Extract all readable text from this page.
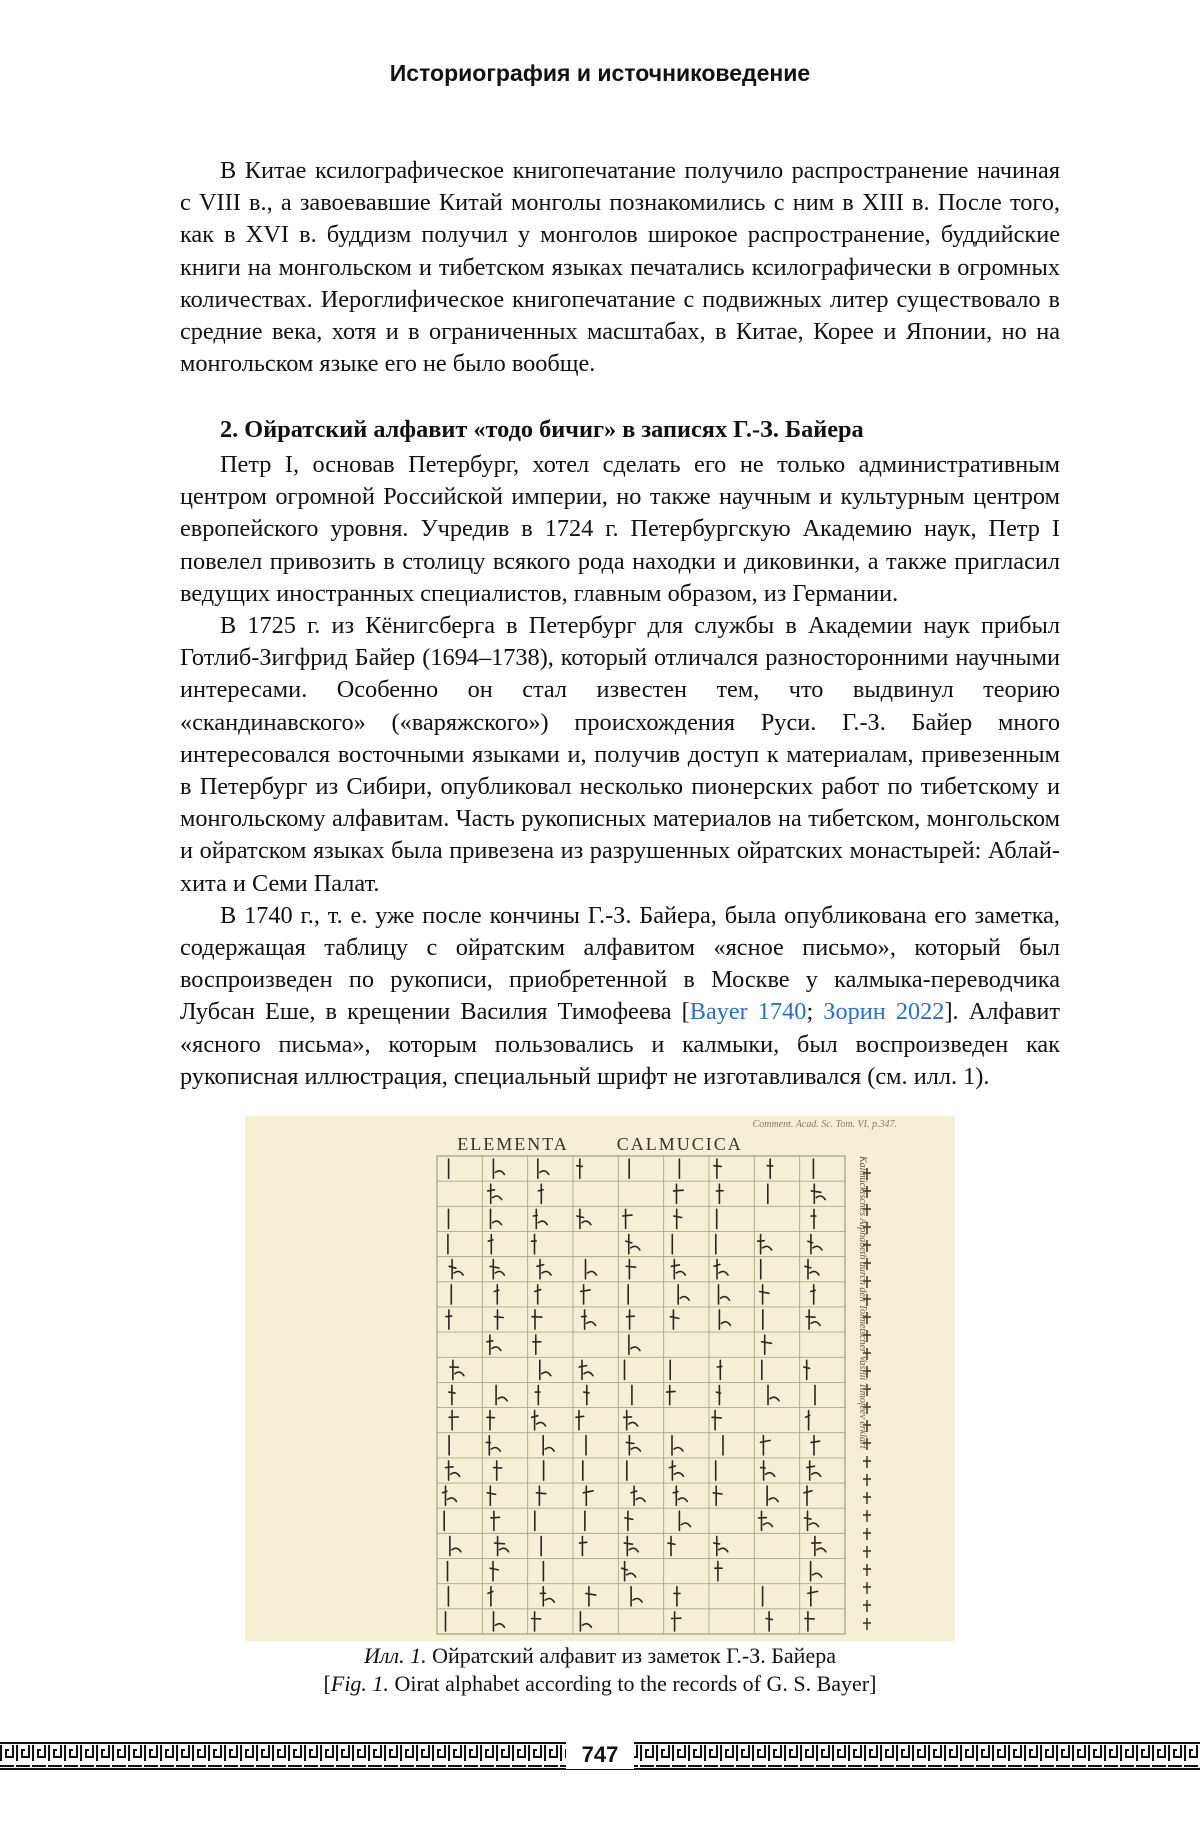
Историография и источниковедение

В Китае ксилографическое книгопечатание получило распространение начиная с VIII в., а завоевавшие Китай монголы познакомились с ним в XIII в. После того, как в XVI в. буддизм получил у монголов широкое распространение, буддийские книги на монгольском и тибетском языках печатались ксилографически в огромных количествах. Иероглифическое книгопечатание с подвижных литер существовало в средние века, хотя и в ограниченных масштабах, в Китае, Корее и Японии, но на монгольском языке его не было вообще.

2. Ойратский алфавит «тодо бичиг» в записях Г.-З. Байера

Петр I, основав Петербург, хотел сделать его не только административным центром огромной Российской империи, но также научным и культурным центром европейского уровня. Учредив в 1724 г. Петербургскую Академию наук, Петр I повелел привозить в столицу всякого рода находки и диковинки, а также пригласил ведущих иностранных специалистов, главным образом, из Германии.

В 1725 г. из Кёнигсберга в Петербург для службы в Академии наук прибыл Готлиб-Зигфрид Байер (1694–1738), который отличался разносторонними научными интересами. Особенно он стал известен тем, что выдвинул теорию «скандинавского» («варяжского») происхождения Руси. Г.-З. Байер много интересовался восточными языками и, получив доступ к материалам, привезенным в Петербург из Сибири, опубликовал несколько пионерских работ по тибетскому и монгольскому алфавитам. Часть рукописных материалов на тибетском, монгольском и ойратском языках была привезена из разрушенных ойратских монастырей: Аблай-хита и Семи Палат.

В 1740 г., т. е. уже после кончины Г.-З. Байера, была опубликована его заметка, содержащая таблицу с ойратским алфавитом «ясное письмо», который был воспроизведен по рукописи, приобретенной в Москве у калмыка-переводчика Лубсан Еше, в крещении Василия Тимофеева [Bayer 1740; Зорин 2022]. Алфавит «ясного письма», которым пользовались и калмыки, был воспроизведен как рукописная иллюстрация, специальный шрифт не изготавливался (см. илл. 1).

Comment. Acad. Sc. Tom. VI. p.347.
ELEMENTA	CALMUCICA
Kalmückisches Alphabeth durch den Tolmetscher Vasilii Timofeev erklärt
Илл. 1. Ойратский алфавит из заметок Г.-З. Байера
[Fig. 1. Oirat alphabet according to the records of G. S. Bayer]
747
